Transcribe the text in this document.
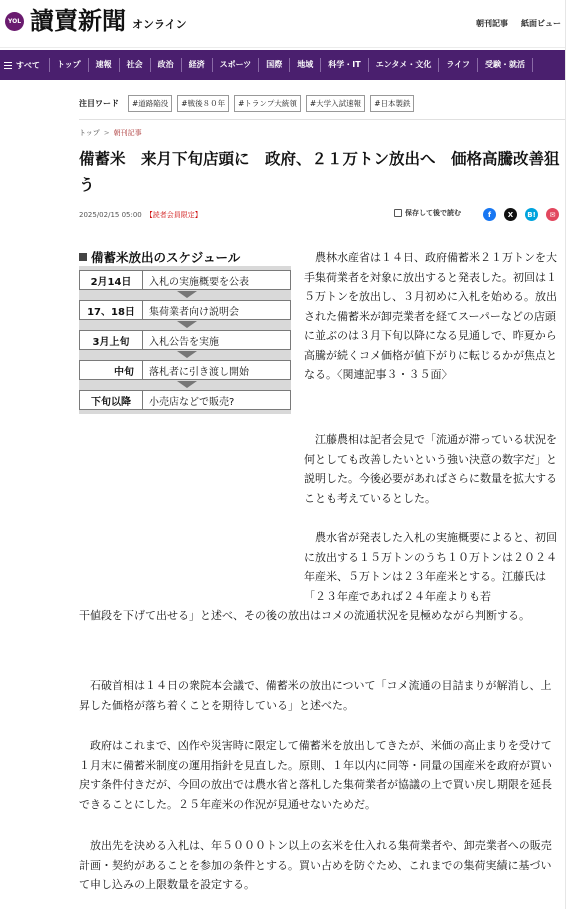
YOL 讀賣新聞 オンライン	朝刊記事 紙面ビュー
すべて	トップ	速報	社会	政治	経済	スポーツ	国際	地域	科学・IT	エンタメ・文化	ライフ	受験・就活
注目ワード	#道路陥没	#戦後８０年	#トランプ大統領	#大学入試速報	#日本製鉄
トップ > 朝刊記事
備蓄米　来月下旬店頭に　政府、２１万トン放出へ　価格高騰改善狙う
2025/02/15 05:00 【読者会員限定】	保存して後で読む	f	X	B!	✉
備蓄米放出のスケジュール
2月14日	入札の実施概要を公表
17、18日	集荷業者向け説明会
3月上旬	入札公告を実施
中旬	落札者に引き渡し開始
下旬以降	小売店などで販売?

農林水産省は１４日、政府備蓄米２１万トンを大手集荷業者を対象に放出すると発表した。初回は１５万トンを放出し、３月初めに入札を始める。放出された備蓄米が卸売業者を経てスーパーなどの店頭に並ぶのは３月下旬以降になる見通しで、昨夏から高騰が続くコメ価格が値下がりに転じるかが焦点となる。〈関連記事３・３５面〉

江藤農相は記者会見で「流通が滞っている状況を何としても改善したいという強い決意の数字だ」と説明した。今後必要があればさらに数量を拡大することも考えているとした。

農水省が発表した入札の実施概要によると、初回に放出する１５万トンのうち１０万トンは２０２４年産米、５万トンは２３年産米とする。江藤氏は「２３年産であれば２４年産よりも若
干値段を下げて出せる」と述べ、その後の放出はコメの流通状況を見極めながら判断する。

石破首相は１４日の衆院本会議で、備蓄米の放出について「コメ流通の目詰まりが解消し、上昇した価格が落ち着くことを期待している」と述べた。

政府はこれまで、凶作や災害時に限定して備蓄米を放出してきたが、米価の高止まりを受けて１月末に備蓄米制度の運用指針を見直した。原則、１年以内に同等・同量の国産米を政府が買い戻す条件付きだが、今回の放出では農水省と落札した集荷業者が協議の上で買い戻し期限を延長できることにした。２５年産米の作況が見通せないためだ。

放出先を決める入札は、年５０００トン以上の玄米を仕入れる集荷業者や、卸売業者への販売計画・契約があることを参加の条件とする。買い占めを防ぐため、これまでの集荷実績に基づいて申し込みの上限数量を設定する。
